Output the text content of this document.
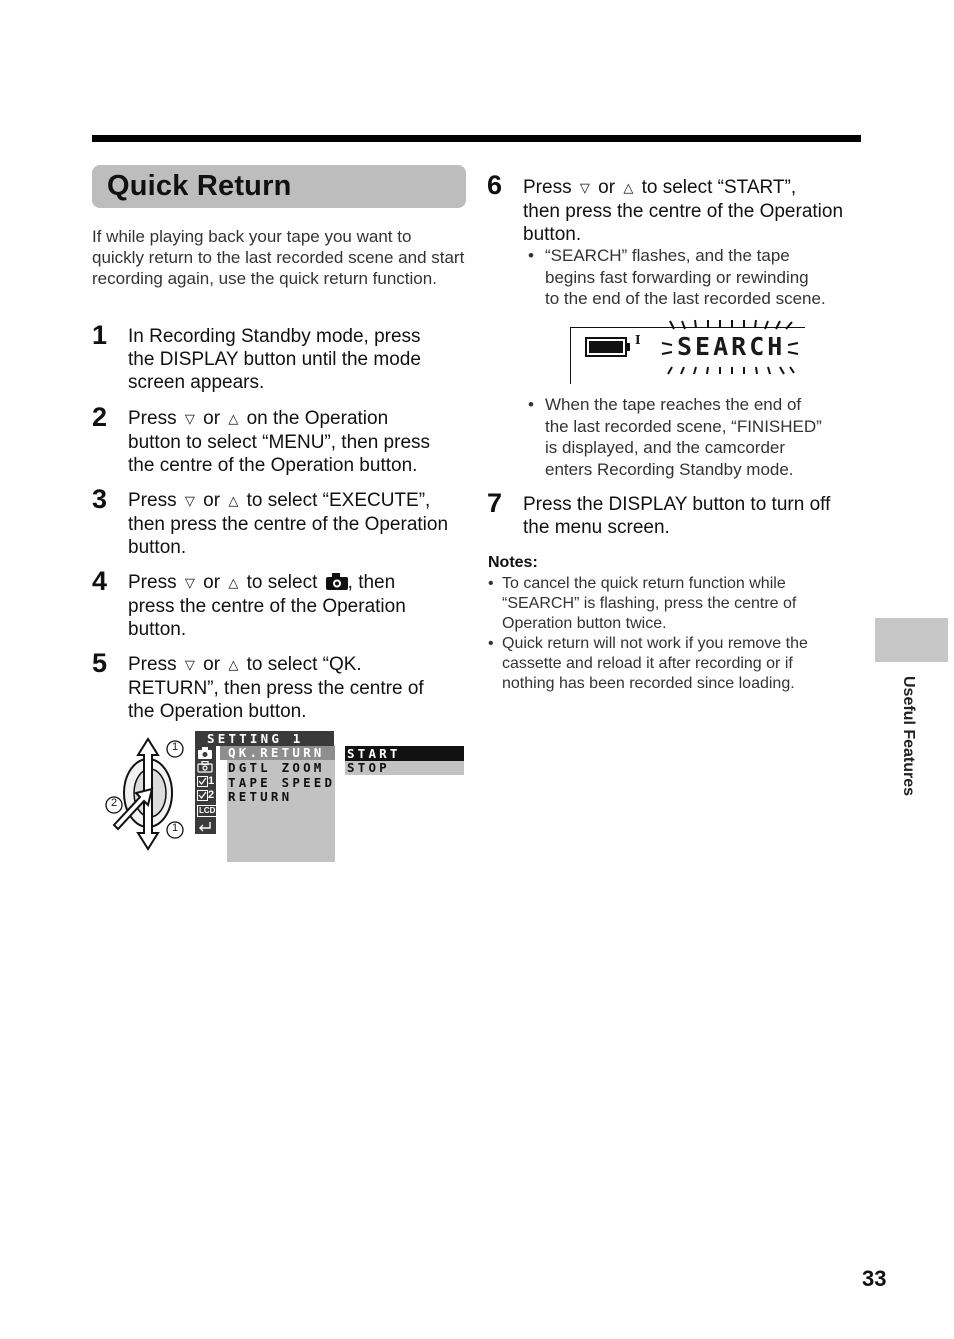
Quick Return
If while playing back your tape you want to quickly return to the last recorded scene and start recording again, use the quick return function.
1 In Recording Standby mode, press
the DISPLAY button until the mode
screen appears.
2 Press ▽ or △ on the Operation
button to select “MENU”, then press
the centre of the Operation button.
3 Press ▽ or △ to select “EXECUTE”,
then press the centre of the Operation
button.
4 Press ▽ or △ to select , then
press the centre of the Operation
button.
5 Press ▽ or △ to select “QK.
RETURN”, then press the centre of
the Operation button.
1
2
1
SETTING 1
1
2
LCD
QK.RETURN
DGTL ZOOM
TAPE SPEED
RETURN
START
STOP
6 Press ▽ or △ to select “START”,
then press the centre of the Operation
button.
• “SEARCH” flashes, and the tape
begins fast forwarding or rewinding
to the end of the last recorded scene.
I SEARCH
• When the tape reaches the end of
the last recorded scene, “FINISHED”
is displayed, and the camcorder
enters Recording Standby mode.
7 Press the DISPLAY button to turn off
the menu screen.
Notes:
• To cancel the quick return function while
“SEARCH” is flashing, press the centre of
Operation button twice.
• Quick return will not work if you remove the
cassette and reload it after recording or if
nothing has been recorded since loading.	Useful Features
33
